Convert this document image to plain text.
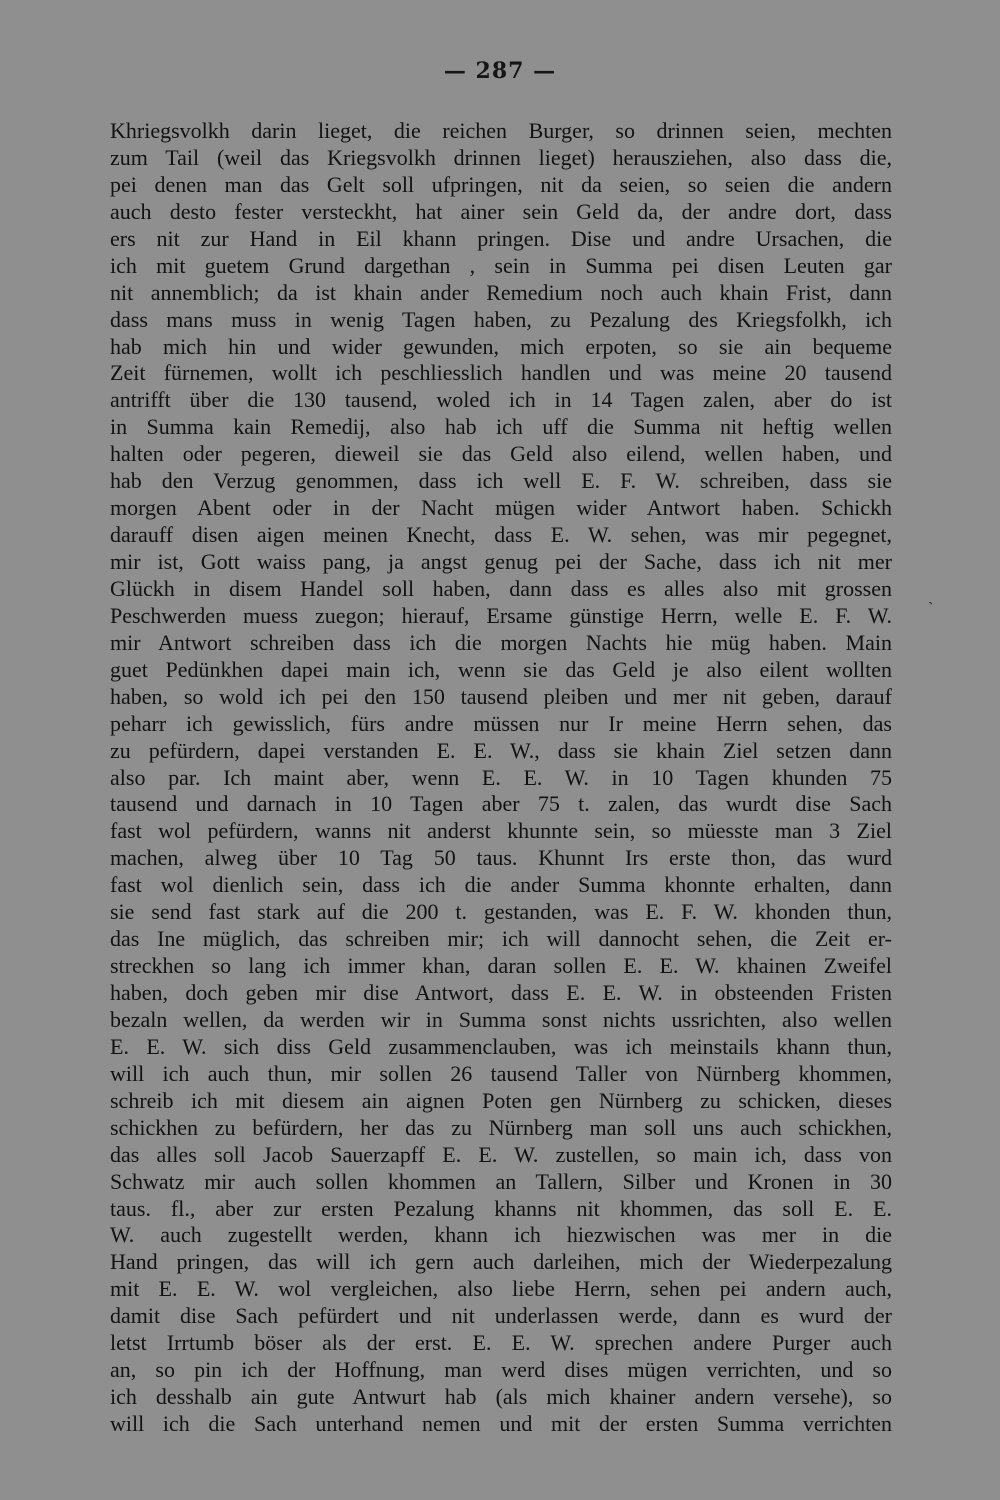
— 287 —
ˋ
Khriegsvolkh darin lieget, die reichen Burger, so drinnen seien, mechten
zum Tail (weil das Kriegsvolkh drinnen lieget) herausziehen, also dass die,
pei denen man das Gelt soll ufpringen, nit da seien, so seien die andern
auch desto fester versteckht, hat ainer sein Geld da, der andre dort, dass
ers nit zur Hand in Eil khann pringen. Dise und andre Ursachen, die
ich mit guetem Grund dargethan , sein in Summa pei disen Leuten gar
nit annemblich; da ist khain ander Remedium noch auch khain Frist, dann
dass mans muss in wenig Tagen haben, zu Pezalung des Kriegsfolkh, ich
hab mich hin und wider gewunden, mich erpoten, so sie ain bequeme
Zeit fürnemen, wollt ich peschliesslich handlen und was meine 20 tausend
antrifft über die 130 tausend, woled ich in 14 Tagen zalen, aber do ist
in Summa kain Remedij, also hab ich uff die Summa nit heftig wellen
halten oder pegeren, dieweil sie das Geld also eilend, wellen haben, und
hab den Verzug genommen, dass ich well E. F. W. schreiben, dass sie
morgen Abent oder in der Nacht mügen wider Antwort haben. Schickh
darauff disen aigen meinen Knecht, dass E. W. sehen, was mir pegegnet,
mir ist, Gott waiss pang, ja angst genug pei der Sache, dass ich nit mer
Glückh in disem Handel soll haben, dann dass es alles also mit grossen
Peschwerden muess zuegon; hierauf, Ersame günstige Herrn, welle E. F. W.
mir Antwort schreiben dass ich die morgen Nachts hie müg haben. Main
guet Pedünkhen dapei main ich, wenn sie das Geld je also eilent wollten
haben, so wold ich pei den 150 tausend pleiben und mer nit geben, darauf
peharr ich gewisslich, fürs andre müssen nur Ir meine Herrn sehen, das
zu pefürdern, dapei verstanden E. E. W., dass sie khain Ziel setzen dann
also par. Ich maint aber, wenn E. E. W. in 10 Tagen khunden 75
tausend und darnach in 10 Tagen aber 75 t. zalen, das wurdt dise Sach
fast wol pefürdern, wanns nit anderst khunnte sein, so müesste man 3 Ziel
machen, alweg über 10 Tag 50 taus. Khunnt Irs erste thon, das wurd
fast wol dienlich sein, dass ich die ander Summa khonnte erhalten, dann
sie send fast stark auf die 200 t. gestanden, was E. F. W. khonden thun,
das Ine müglich, das schreiben mir; ich will dannocht sehen, die Zeit er-
streckhen so lang ich immer khan, daran sollen E. E. W. khainen Zweifel
haben, doch geben mir dise Antwort, dass E. E. W. in obsteenden Fristen
bezaln wellen, da werden wir in Summa sonst nichts ussrichten, also wellen
E. E. W. sich diss Geld zusammenclauben, was ich meinstails khann thun,
will ich auch thun, mir sollen 26 tausend Taller von Nürnberg khommen,
schreib ich mit diesem ain aignen Poten gen Nürnberg zu schicken, dieses
schickhen zu befürdern, her das zu Nürnberg man soll uns auch schickhen,
das alles soll Jacob Sauerzapff E. E. W. zustellen, so main ich, dass von
Schwatz mir auch sollen khommen an Tallern, Silber und Kronen in 30
taus. fl., aber zur ersten Pezalung khanns nit khommen, das soll E. E.
W. auch zugestellt werden, khann ich hiezwischen was mer in die
Hand pringen, das will ich gern auch darleihen, mich der Wiederpezalung
mit E. E. W. wol vergleichen, also liebe Herrn, sehen pei andern auch,
damit dise Sach pefürdert und nit underlassen werde, dann es wurd der
letst Irrtumb böser als der erst. E. E. W. sprechen andere Purger auch
an, so pin ich der Hoffnung, man werd dises mügen verrichten, und so
ich desshalb ain gute Antwurt hab (als mich khainer andern versehe), so
will ich die Sach unterhand nemen und mit der ersten Summa verrichten
